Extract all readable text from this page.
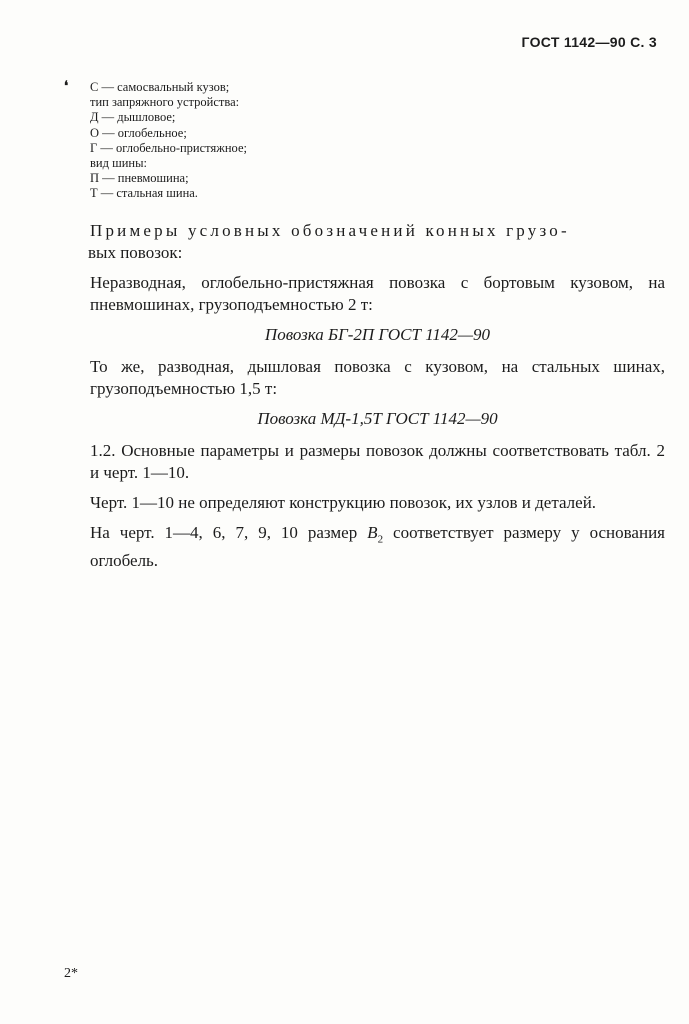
ГОСТ 1142—90 С. 3
❛ С — самосвальный кузов;
тип запряжного устройства:
Д — дышловое;
О — оглобельное;
Г — оглобельно-пристяжное;
вид шины:
П — пневмошина;
Т — стальная шина.

Примеры условных обозначений конных грузо-
вых повозок:

Неразводная, оглобельно-пристяжная повозка с бортовым кузовом, на пневмошинах, грузоподъемностью 2 т:

Повозка БГ-2П ГОСТ 1142—90

То же, разводная, дышловая повозка с кузовом, на стальных шинах, грузоподъемностью 1,5 т:

Повозка МД-1,5Т ГОСТ 1142—90

1.2. Основные параметры и размеры повозок должны соответствовать табл. 2 и черт. 1—10.

Черт. 1—10 не определяют конструкцию повозок, их узлов и деталей.

На черт. 1—4, 6, 7, 9, 10 размер $B_2$ соответствует размеру у основания оглобель.

2*
